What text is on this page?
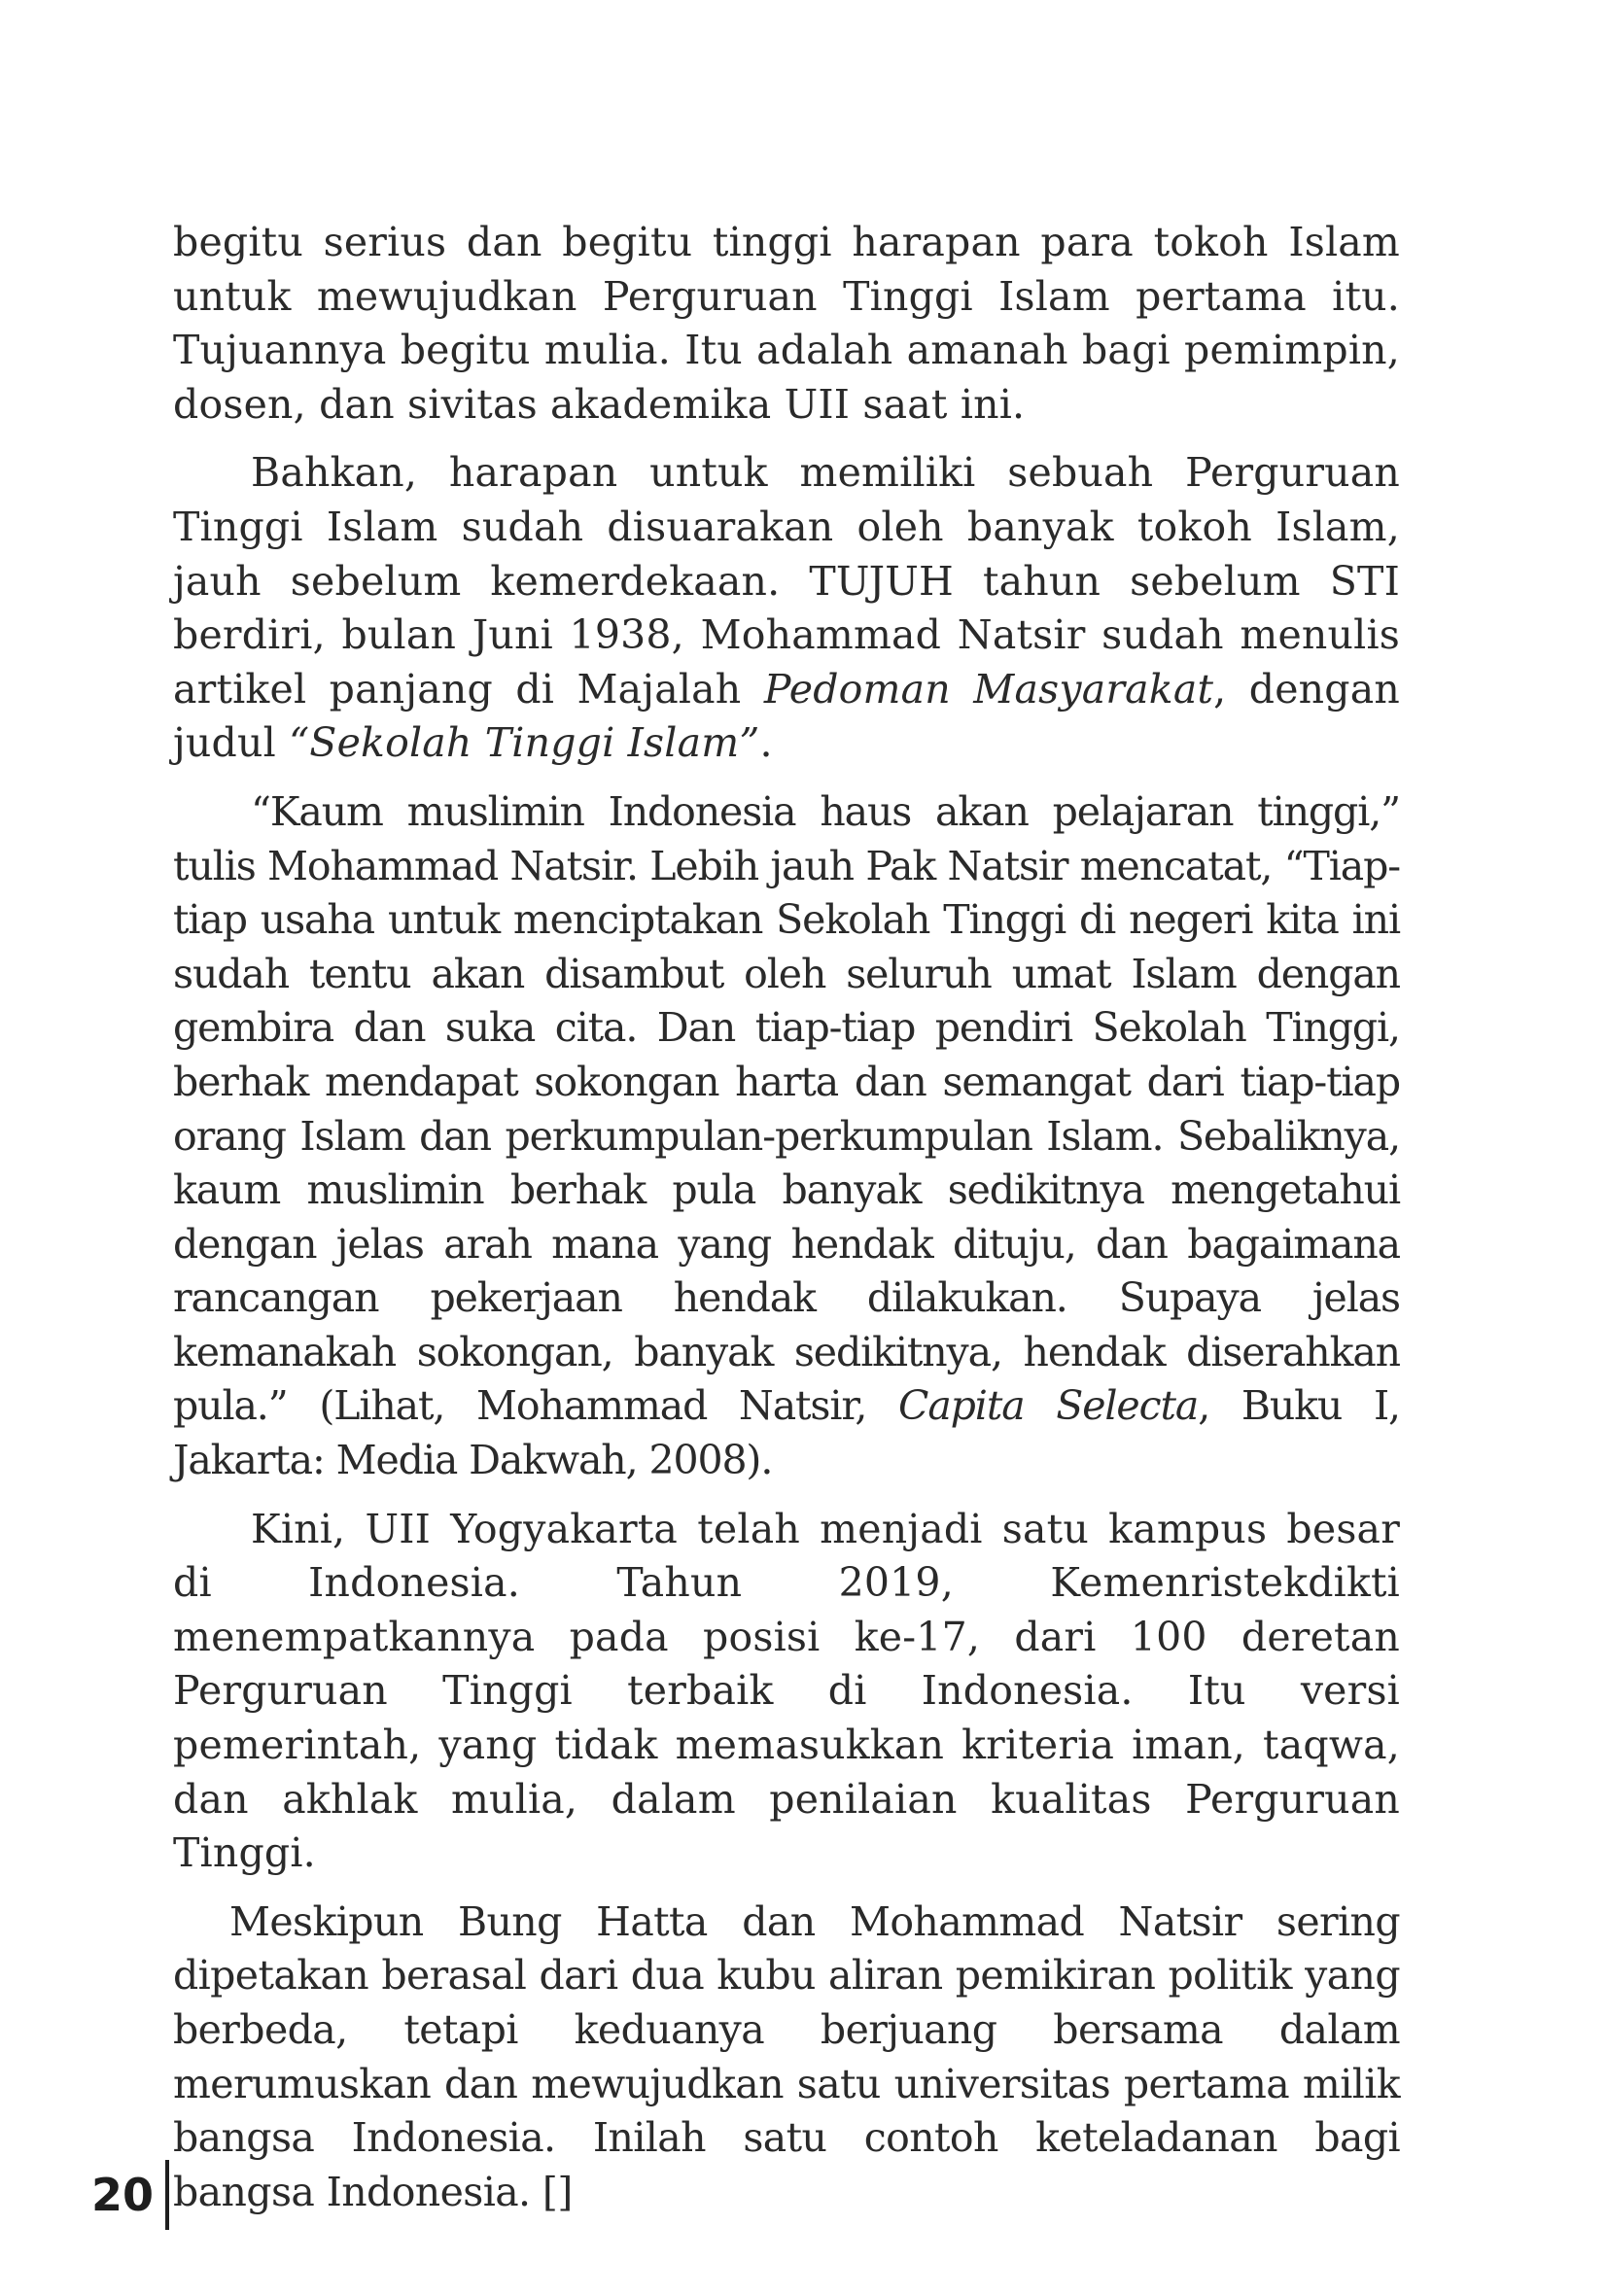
begitu serius dan begitu tinggi harapan para tokoh Islam untuk mewujudkan Perguruan Tinggi Islam pertama itu. Tujuannya begitu mulia. Itu adalah amanah bagi pemimpin, dosen, dan sivitas akademika UII saat ini.

Bahkan, harapan untuk memiliki sebuah Perguruan Tinggi Islam sudah disuarakan oleh banyak tokoh Islam, jauh sebelum kemerdekaan. TUJUH tahun sebelum STI berdiri, bulan Juni 1938, Mohammad Natsir sudah menulis artikel panjang di Majalah Pedoman Masyarakat, dengan judul “Sekolah Tinggi Islam”.

“Kaum muslimin Indonesia haus akan pelajaran tinggi,” tulis Mohammad Natsir. Lebih jauh Pak Natsir mencatat, “Tiap-tiap usaha untuk menciptakan Sekolah Tinggi di negeri kita ini sudah tentu akan disambut oleh seluruh umat Islam dengan gembira dan suka cita. Dan tiap-tiap pendiri Sekolah Tinggi, berhak mendapat sokongan harta dan semangat dari tiap-tiap orang Islam dan perkumpulan-perkumpulan Islam. Sebaliknya, kaum muslimin berhak pula banyak sedikitnya mengetahui dengan jelas arah mana yang hendak dituju, dan bagaimana rancangan pekerjaan hendak dilakukan. Supaya jelas kemanakah sokongan, banyak sedikitnya, hendak diserahkan pula.” (Lihat, Mohammad Natsir, Capita Selecta, Buku I, Jakarta: Media Dakwah, 2008).

Kini, UII Yogyakarta telah menjadi satu kampus besar di Indonesia. Tahun 2019, Kemenristekdikti menempatkannya pada posisi ke-17, dari 100 deretan Perguruan Tinggi terbaik di Indonesia. Itu versi pemerintah, yang tidak memasukkan kriteria iman, taqwa, dan akhlak mulia, dalam penilaian kualitas Perguruan Tinggi.

Meskipun Bung Hatta dan Mohammad Natsir sering dipetakan berasal dari dua kubu aliran pemikiran politik yang berbeda, tetapi keduanya berjuang bersama dalam merumuskan dan mewujudkan satu universitas pertama milik bangsa Indonesia. Inilah satu contoh keteladanan bagi bangsa Indonesia. []

20
